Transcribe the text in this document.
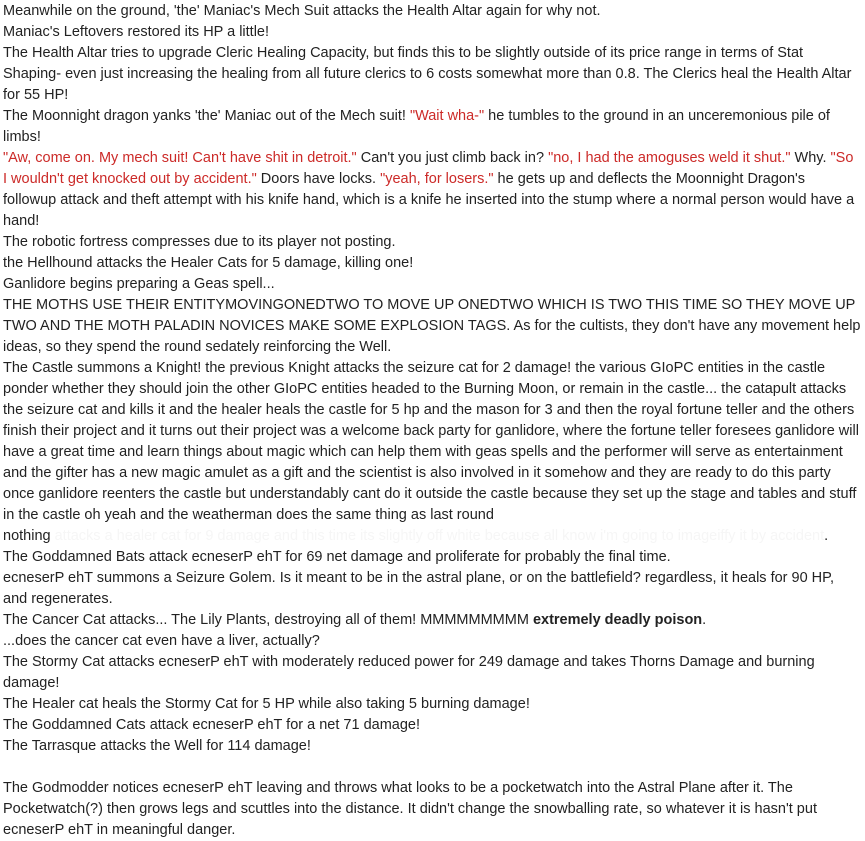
Meanwhile on the ground, 'the' Maniac's Mech Suit attacks the Health Altar again for why not.
Maniac's Leftovers restored its HP a little!
The Health Altar tries to upgrade Cleric Healing Capacity, but finds this to be slightly outside of its price range in terms of Stat Shaping- even just increasing the healing from all future clerics to 6 costs somewhat more than 0.8. The Clerics heal the Health Altar for 55 HP!
The Moonnight dragon yanks 'the' Maniac out of the Mech suit! "Wait wha-" he tumbles to the ground in an unceremonious pile of limbs!
"Aw, come on. My mech suit! Can't have shit in detroit." Can't you just climb back in? "no, I had the amoguses weld it shut." Why. "So I wouldn't get knocked out by accident." Doors have locks. "yeah, for losers." he gets up and deflects the Moonnight Dragon's followup attack and theft attempt with his knife hand, which is a knife he inserted into the stump where a normal person would have a hand!
The robotic fortress compresses due to its player not posting.
the Hellhound attacks the Healer Cats for 5 damage, killing one!
Ganlidore begins preparing a Geas spell...
THE MOTHS USE THEIR ENTITYMOVINGONEDTWO TO MOVE UP ONEDTWO WHICH IS TWO THIS TIME SO THEY MOVE UP TWO AND THE MOTH PALADIN NOVICES MAKE SOME EXPLOSION TAGS. As for the cultists, they don't have any movement help ideas, so they spend the round sedately reinforcing the Well.
The Castle summons a Knight! the previous Knight attacks the seizure cat for 2 damage! the various GIoPC entities in the castle ponder whether they should join the other GIoPC entities headed to the Burning Moon, or remain in the castle... the catapult attacks the seizure cat and kills it and the healer heals the castle for 5 hp and the mason for 3 and then the royal fortune teller and the others finish their project and it turns out their project was a welcome back party for ganlidore, where the fortune teller foresees ganlidore will have a great time and learn things about magic which can help them with geas spells and the performer will serve as entertainment and the gifter has a new magic amulet as a gift and the scientist is also involved in it somehow and they are ready to do this party once ganlidore reenters the castle but understandably cant do it outside the castle because they set up the stage and tables and stuff in the castle oh yeah and the weatherman does the same thing as last round
nothing attacks a healer cat for 9 damage and this time its slightly off white because all know i'm going to imageiffy it by accident.
The Goddamned Bats attack ecneserP ehT for 69 net damage and proliferate for probably the final time.
ecneserP ehT summons a Seizure Golem. Is it meant to be in the astral plane, or on the battlefield? regardless, it heals for 90 HP, and regenerates.
The Cancer Cat attacks... The Lily Plants, destroying all of them! MMMMMMMMM extremely deadly poison.
...does the cancer cat even have a liver, actually?
The Stormy Cat attacks ecneserP ehT with moderately reduced power for 249 damage and takes Thorns Damage and burning damage!
The Healer cat heals the Stormy Cat for 5 HP while also taking 5 burning damage!
The Goddamned Cats attack ecneserP ehT for a net 71 damage!
The Tarrasque attacks the Well for 114 damage!

The Godmodder notices ecneserP ehT leaving and throws what looks to be a pocketwatch into the Astral Plane after it. The Pocketwatch(?) then grows legs and scuttles into the distance. It didn't change the snowballing rate, so whatever it is hasn't put ecneserP ehT in meaningful danger.
